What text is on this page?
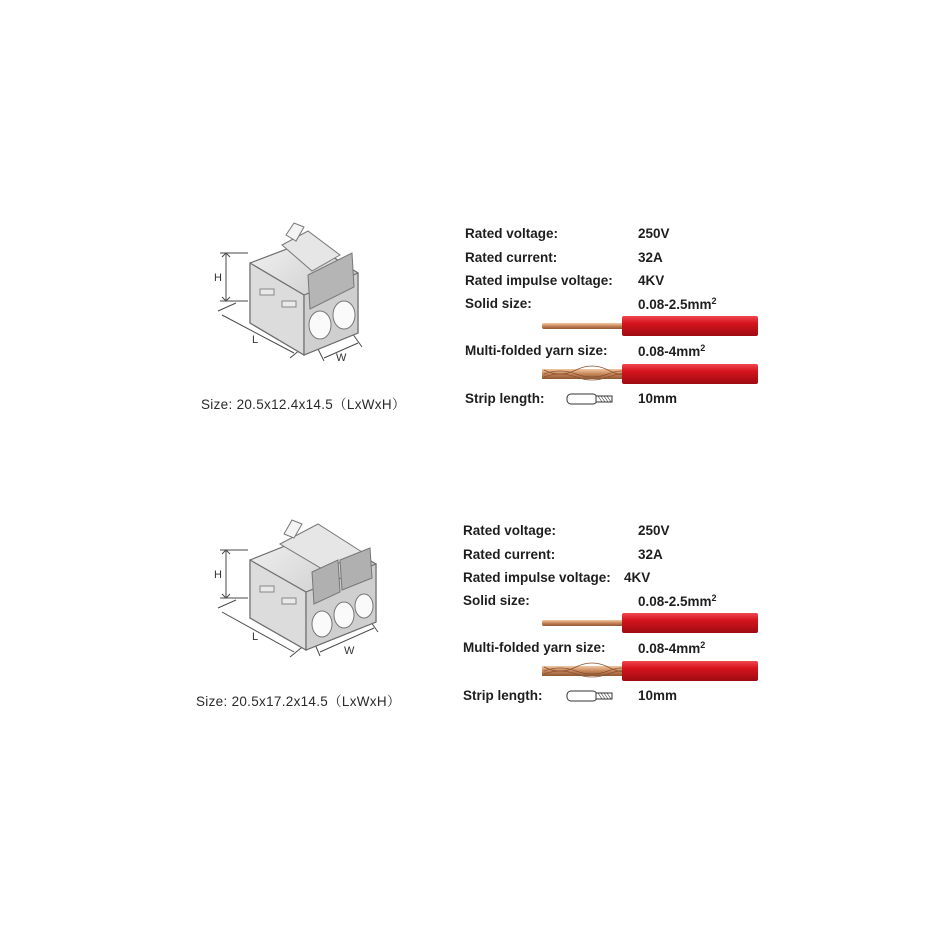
H
L
W
Size: 20.5x12.4x14.5（LxWxH）
Rated voltage:	250V
Rated current:	32A
Rated impulse voltage: 4KV
Solid size:	$0.08-2.5mm^2$
Multi-folded yarn size: $0.08-4mm^2$
Strip length:	10mm
H
L
W
Size: 20.5x17.2x14.5（LxWxH）
Rated voltage:	250V
Rated current:	32A
Rated impulse voltage: 4KV
Solid size:	$0.08-2.5mm^2$
Multi-folded yarn size: $0.08-4mm^2$
Strip length:	10mm
